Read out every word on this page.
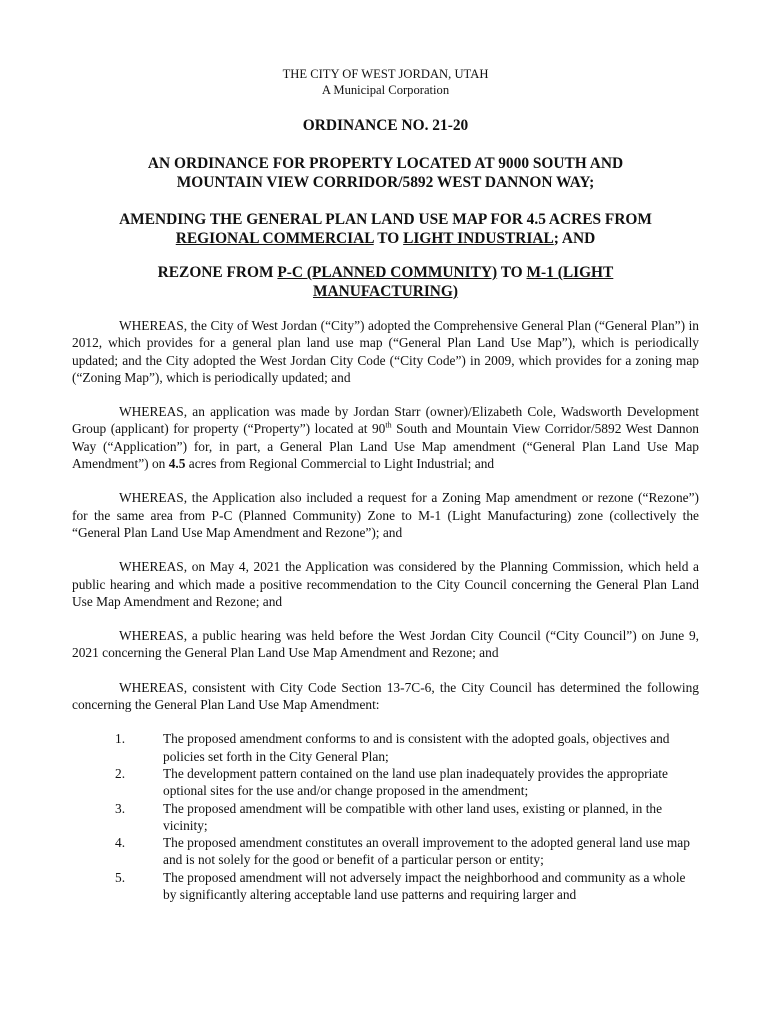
THE CITY OF WEST JORDAN, UTAH
A Municipal Corporation
ORDINANCE NO. 21-20
AN ORDINANCE FOR PROPERTY LOCATED AT 9000 SOUTH AND
MOUNTAIN VIEW CORRIDOR/5892 WEST DANNON WAY;
AMENDING THE GENERAL PLAN LAND USE MAP FOR 4.5 ACRES FROM
REGIONAL COMMERCIAL TO LIGHT INDUSTRIAL; AND
REZONE FROM P-C (PLANNED COMMUNITY) TO M-1 (LIGHT
MANUFACTURING)

WHEREAS, the City of West Jordan (“City”) adopted the Comprehensive General Plan (“General Plan”) in 2012, which provides for a general plan land use map (“General Plan Land Use Map”), which is periodically updated; and the City adopted the West Jordan City Code (“City Code”) in 2009, which provides for a zoning map (“Zoning Map”), which is periodically updated; and

WHEREAS, an application was made by Jordan Starr (owner)/Elizabeth Cole, Wadsworth Development Group (applicant) for property (“Property”) located at 90th South and Mountain View Corridor/5892 West Dannon Way (“Application”) for, in part, a General Plan Land Use Map amendment (“General Plan Land Use Map Amendment”) on 4.5 acres from Regional Commercial to Light Industrial; and

WHEREAS, the Application also included a request for a Zoning Map amendment or rezone (“Rezone”) for the same area from P-C (Planned Community) Zone to M-1 (Light Manufacturing) zone (collectively the “General Plan Land Use Map Amendment and Rezone”); and

WHEREAS, on May 4, 2021 the Application was considered by the Planning Commission, which held a public hearing and which made a positive recommendation to the City Council concerning the General Plan Land Use Map Amendment and Rezone; and

WHEREAS, a public hearing was held before the West Jordan City Council (“City Council”) on June 9, 2021 concerning the General Plan Land Use Map Amendment and Rezone; and

WHEREAS, consistent with City Code Section 13-7C-6, the City Council has determined the following concerning the General Plan Land Use Map Amendment:

1.	The proposed amendment conforms to and is consistent with the adopted goals, objectives and policies set forth in the City General Plan;
2.	The development pattern contained on the land use plan inadequately provides the appropriate optional sites for the use and/or change proposed in the amendment;
3.	The proposed amendment will be compatible with other land uses, existing or planned, in the vicinity;
4.	The proposed amendment constitutes an overall improvement to the adopted general land use map and is not solely for the good or benefit of a particular person or entity;
5.	The proposed amendment will not adversely impact the neighborhood and community as a whole by significantly altering acceptable land use patterns and requiring larger and
